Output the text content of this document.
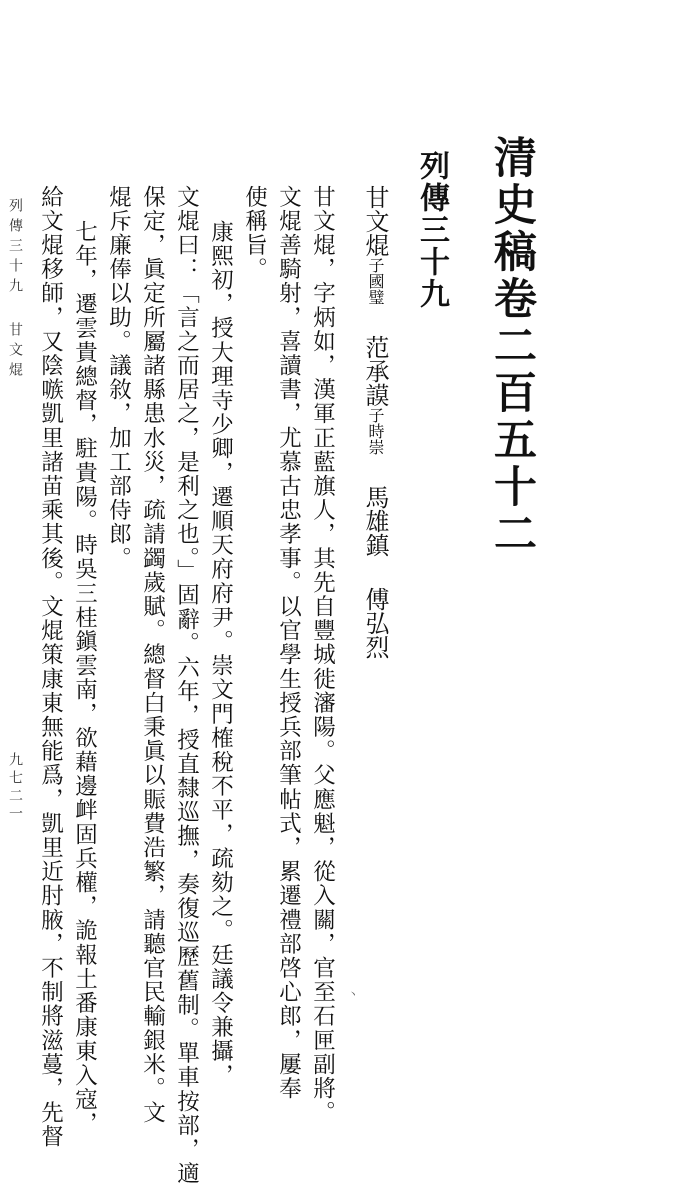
清史稿卷二百五十二
列傳三十九
甘文焜子國璧范承謨子時崇馬雄鎮傅弘烈
甘文焜，字炳如，漢軍正藍旗人，其先自豐城徙瀋陽。父應魁，從入關，官至石匣副將。
文焜善騎射，喜讀書，尤慕古忠孝事。以官學生授兵部筆帖式，累遷禮部啓心郎，屢奉
使稱旨。
康熙初，授大理寺少卿，遷順天府府尹。崇文門榷稅不平，疏劾之。廷議令兼攝，
文焜曰：「言之而居之，是利之也。」固辭。六年，授直隸巡撫，奏復巡歷舊制。單車按部，適
保定，眞定所屬諸縣患水災，疏請蠲歲賦。總督白秉眞以賑費浩繁，請聽官民輸銀米。文
焜斥廉俸以助。議敘，加工部侍郎。
七年，遷雲貴總督，駐貴陽。時吳三桂鎭雲南，欲藉邊衅固兵權，詭報土番康東入寇，
給文焜移師，又陰嗾凱里諸苗乘其後。文焜策康東無能爲，凱里近肘腋，不制將滋蔓，先督
列傳三十九
甘文焜
九七二一
丶
